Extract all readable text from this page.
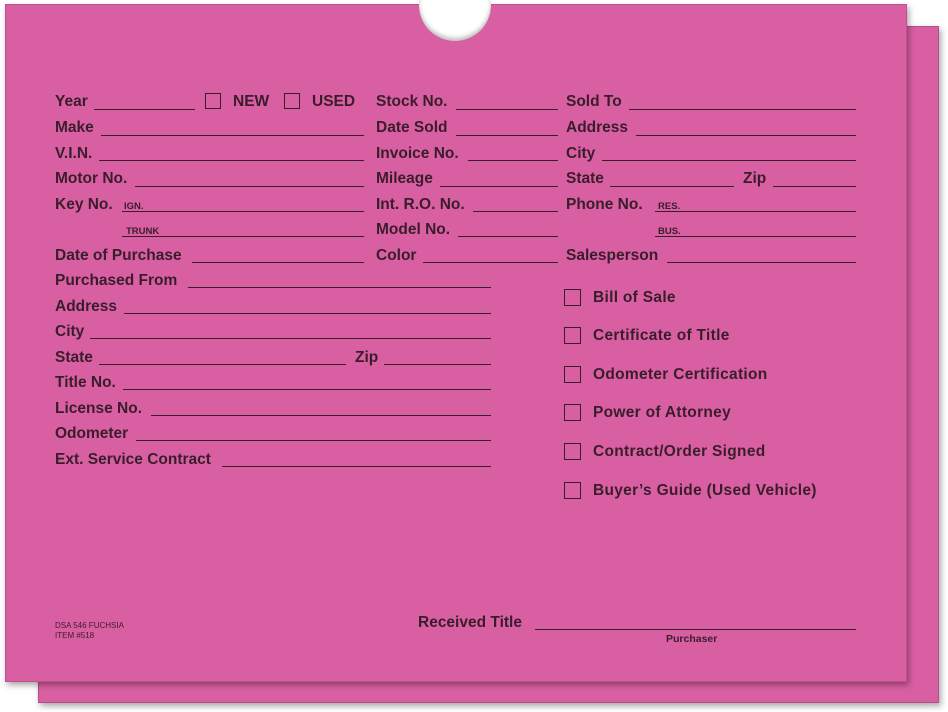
Year	NEW	USED Stock No.	Sold To
Make	Date Sold	Address
V.I.N.	Invoice No.	City
Motor No.	Mileage	State	Zip
Key No. IGN.	Int. R.O. No.	Phone No. RES.
TRUNK	Model No.	BUS.
Date of Purchase	Color	Salesperson
Purchased From
Address
City
State	Zip
Title No.
License No.
Odometer
Ext. Service Contract
Bill of Sale
Certificate of Title
Odometer Certification
Power of Attorney
Contract/Order Signed
Buyer’s Guide (Used Vehicle)
DSA 546 FUCHSIA
ITEM #518
Received Title
Purchaser
